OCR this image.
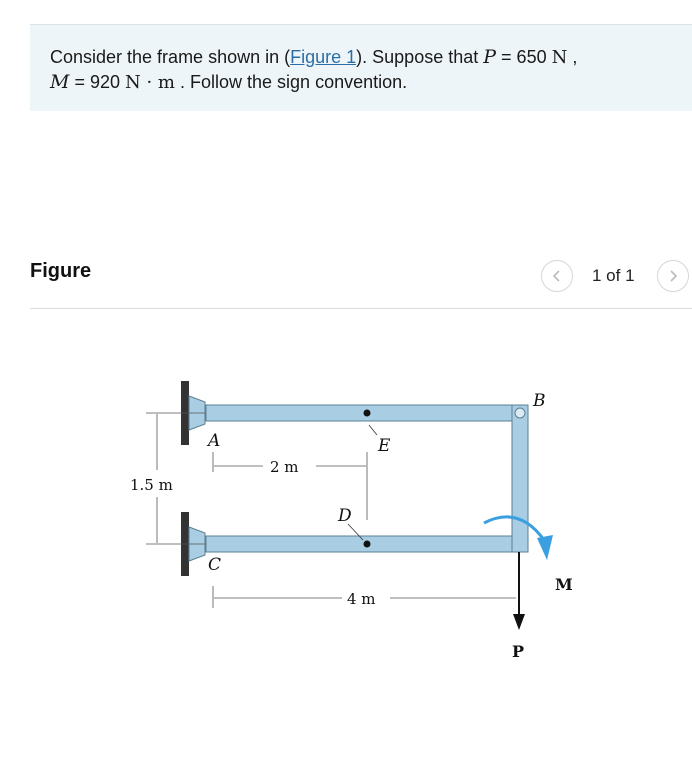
Consider the frame shown in (Figure 1). Suppose that P = 650 N ,
M = 920 N · m . Follow the sign convention.
Figure	1 of 1
A
B
C
D
E
1.5 m
2 m
4 m
P
M
